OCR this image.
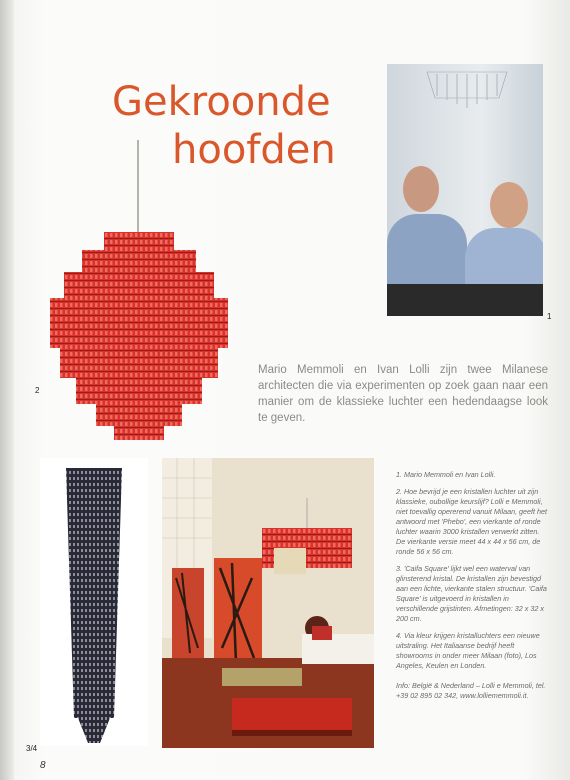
Gekroonde

hoofden
1
2

Mario Memmoli en Ivan Lolli zijn twee Milanese architecten die via experimenten op zoek gaan naar een manier om de klassieke luchter een hedendaagse look te geven.

3/4

1. Mario Memmoli en Ivan Lolli.

2. Hoe bevrijd je een kristallen luchter uit zijn klassieke, oubollige keurslijf? Lolli e Memmoli, niet toevallig opererend vanuit Milaan, geeft het antwoord met 'Phebo', een vierkante of ronde luchter waarin 3000 kristallen verwerkt zitten. De vierkante versie meet 44 x 44 x 56 cm, de ronde 56 x 56 cm.

3. 'Caifa Square' lijkt wel een waterval van glinsterend kristal. De kristallen zijn bevestigd aan een lichte, vierkante stalen structuur. 'Caifa Square' is uitgevoerd in kristallen in verschillende grijstinten. Afmetingen: 32 x 32 x 200 cm.

4. Via kleur krijgen kristalluchters een nieuwe uitstraling. Het Italiaanse bedrijf heeft showrooms in onder meer Milaan (foto), Los Angeles, Keulen en Londen.

Info: België & Nederland – Lolli e Memmoli, tel. +39 02 895 02 342, www.lolliememmoli.it.

8
